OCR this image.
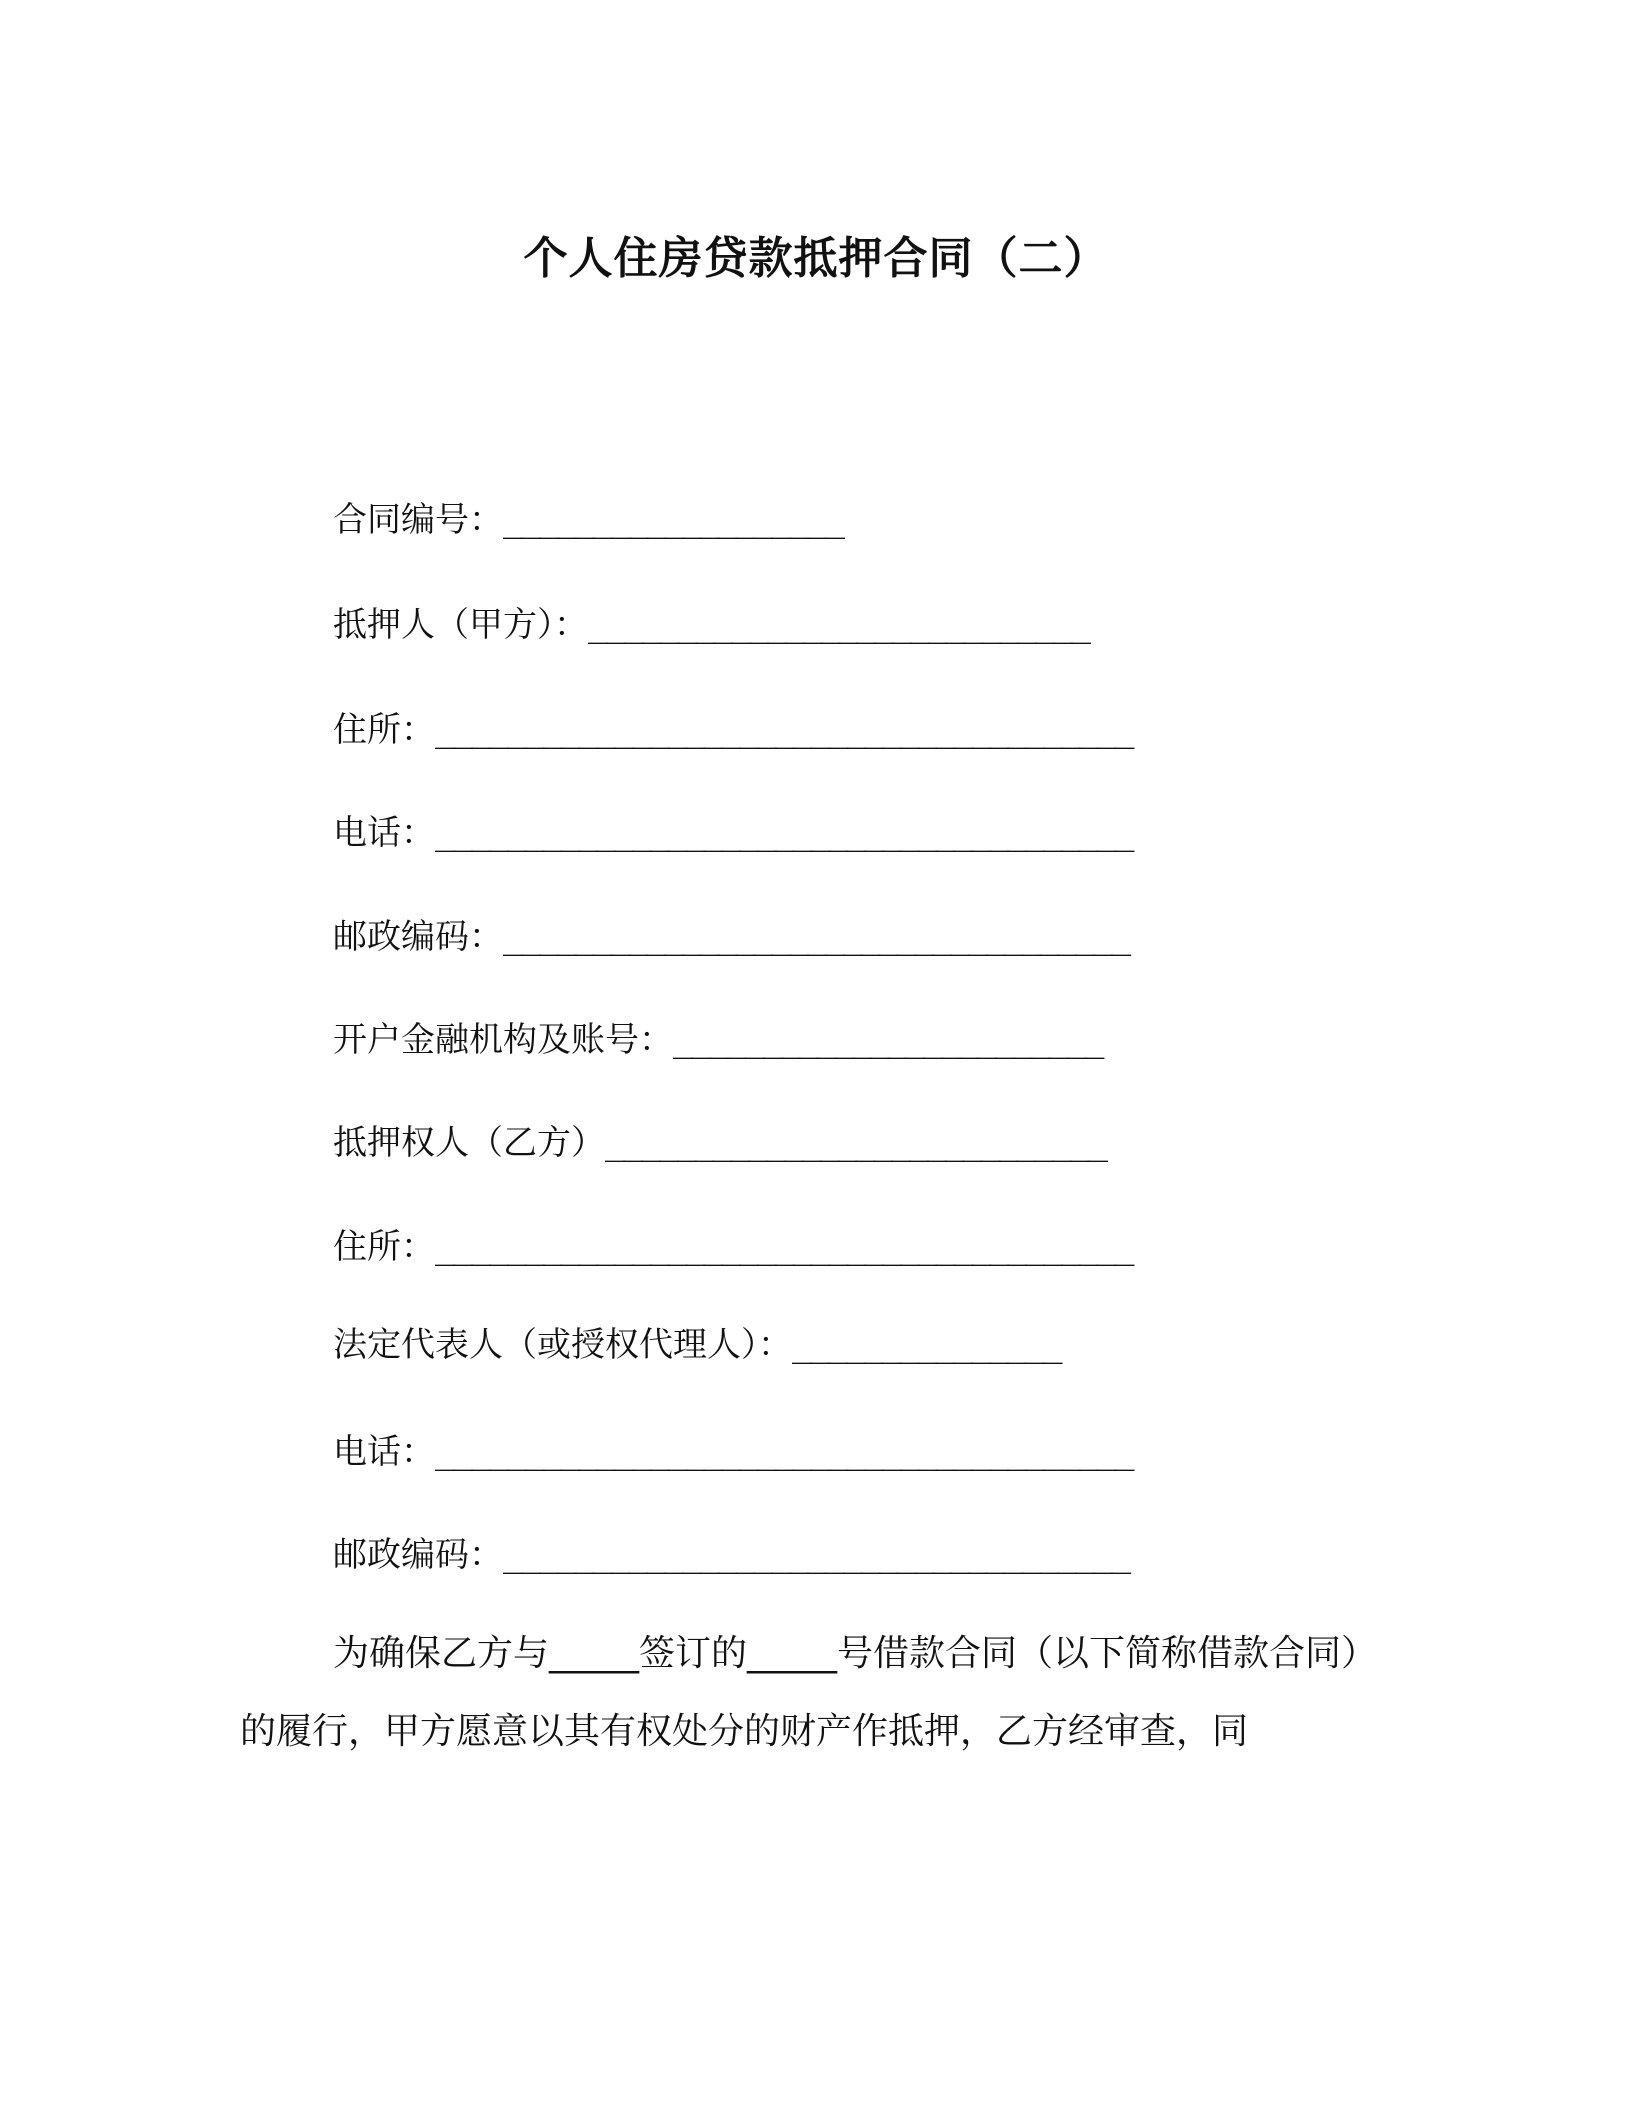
个人住房贷款抵押合同（二）
合同编号：___________________
抵押人（甲方）：____________________________
住所：_______________________________________
电话：_______________________________________
邮政编码：___________________________________
开户金融机构及账号：________________________
抵押权人（乙方）____________________________
住所：_______________________________________
法定代表人（或授权代理人）：_______________
电话：_______________________________________
邮政编码：___________________________________
为确保乙方与_____签订的_____号借款合同（以下简称借款合同）的履行，甲方愿意以其有权处分的财产作抵押，乙方经审查，同
